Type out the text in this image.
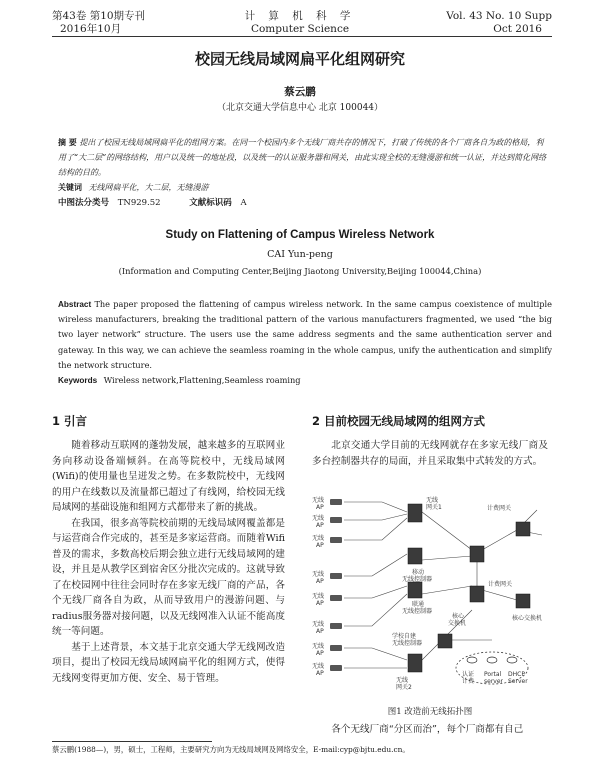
第43卷 第10期专刊
2016年10月
计 算 机 科 学
Computer Science
Vol. 43 No. 10 Supp
Oct 2016
校园无线局域网扁平化组网研究
蔡云鹏
（北京交通大学信息中心 北京 100044）
摘 要 提出了校园无线局域网扁平化的组网方案。在同一个校园内多个无线厂商共存的情况下，打破了传统的各个厂商各自为政的格局，利用了“大二层”的网络结构，用户以及统一的地址段，以及统一的认证服务器和网关，由此实现全校的无缝漫游和统一认证，并达到简化网络结构的目的。
关键词 无线网扁平化，大二层，无缝漫游
中图法分类号 TN929.52	文献标识码 A
Study on Flattening of Campus Wireless Network
CAI Yun-peng
(Information and Computing Center,Beijing Jiaotong University,Beijing 100044,China)
Abstract The paper proposed the flattening of campus wireless network. In the same campus coexistence of multiple wireless manufacturers, breaking the traditional pattern of the various manufacturers fragmented, we used “the big two layer network” structure. The users use the same address segments and the same authentication server and gateway. In this way, we can achieve the seamless roaming in the whole campus, unify the authentication and simplify the network structure.
Keywords Wireless network,Flattening,Seamless roaming
1 引言

随着移动互联网的蓬勃发展，越来越多的互联网业务向移动设备端倾斜。在高等院校中，无线局域网(Wifi)的使用量也呈迸发之势。在多数院校中，无线网的用户在线数以及流量都已超过了有线网，给校园无线局域网的基础设施和组网方式都带来了新的挑战。

在我国，很多高等院校前期的无线局域网覆盖都是与运营商合作完成的，甚至是多家运营商。而随着Wifi普及的需求，多数高校后期会独立进行无线局域网的建设，并且是从教学区到宿舍区分批次完成的。这就导致了在校园网中往往会同时存在多家无线厂商的产品，各个无线厂商各自为政，从而导致用户的漫游问题、与radius服务器对接问题，以及无线网准入认证不能高度统一等问题。

基于上述背景，本文基于北京交通大学无线网改造项目，提出了校园无线局域网扁平化的组网方式，使得无线网变得更加方便、安全、易于管理。

2 目前校园无线局域网的组网方式

北京交通大学目前的无线网就存在多家无线厂商及多台控制器共存的局面，并且采取集中式转发的方式。

无线 AP
无线 AP
无线 AP
无线 AP
无线 AP
无线 AP
无线 AP
无线 AP
无线网关1
移动无线控制器
联通无线控制器
学校自建无线控制器
无线网关2
计费网关
计费网关
核心交换机
核心交换机
认证计费
Portal server
DHCP Server
图1 改造前无线拓扑图

各个无线厂商“分区而治”，每个厂商都有自己

蔡云鹏(1988—)，男，硕士，工程师，主要研究方向为无线局域网及网络安全，E-mail:cyp@bjtu.edu.cn。
